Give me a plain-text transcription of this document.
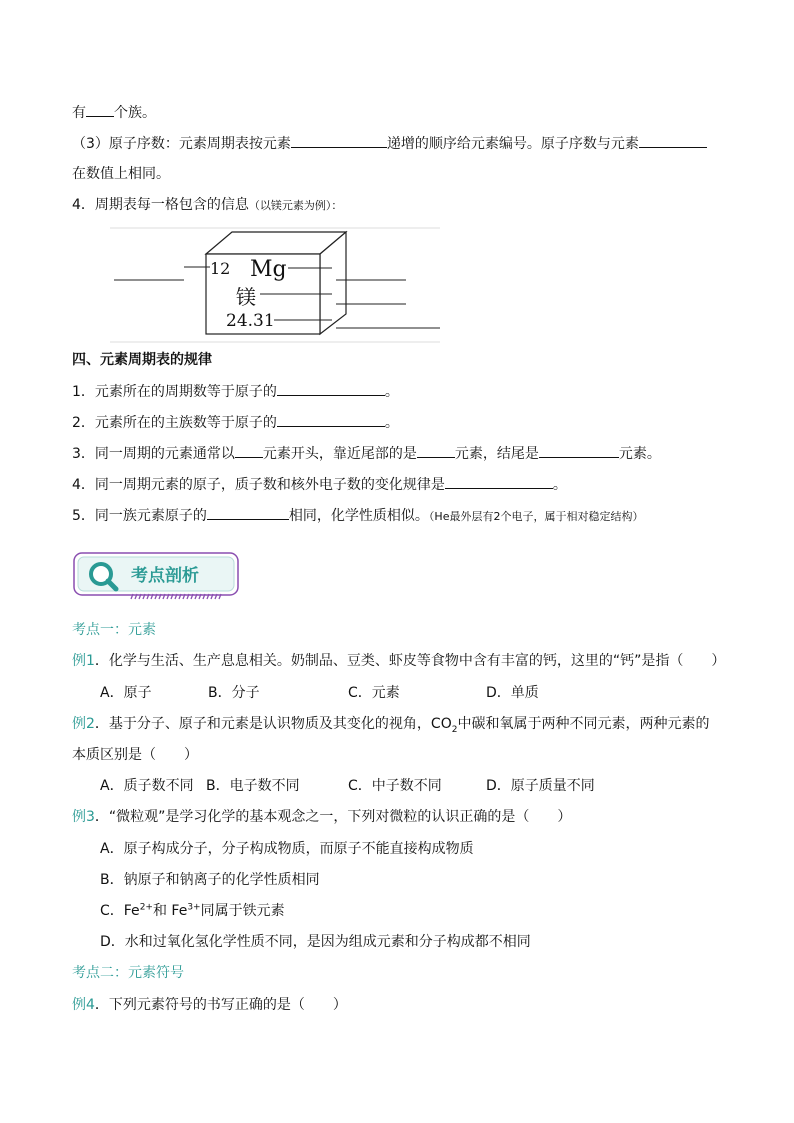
有 个族。
（3）原子序数：元素周期表按元素	递增的顺序给元素编号。原子序数与元素
在数值上相同。
4．周期表每一格包含的信息（以镁元素为例）：
12 Mg
镁
24.31
四、元素周期表的规律
1．元素所在的周期数等于原子的	。
2．元素所在的主族数等于原子的	。
3．同一周期的元素通常以 元素开头，靠近尾部的是	元素，结尾是	元素。
4．同一周期元素的原子，质子数和核外电子数的变化规律是	。
5．同一族元素原子的	相同，化学性质相似。（He最外层有2个电子，属于相对稳定结构）
考点剖析
考点一：元素
例1．化学与生活、生产息息相关。奶制品、豆类、虾皮等食物中含有丰富的钙，这里的“钙”是指（　　）
A．原子	B．分子	C．元素	D．单质
例2．基于分子、原子和元素是认识物质及其变化的视角，$CO_2$中碳和氧属于两种不同元素，两种元素的
本质区别是（　　）
A．质子数不同 B．电子数不同	C．中子数不同	D．原子质量不同
例3．“微粒观”是学习化学的基本观念之一，下列对微粒的认识正确的是（　　）
A．原子构成分子，分子构成物质，而原子不能直接构成物质
B．钠原子和钠离子的化学性质相同
C．$Fe^{2+}$和 $Fe^{3+}$同属于铁元素
D．水和过氧化氢化学性质不同，是因为组成元素和分子构成都不相同
考点二：元素符号
例4．下列元素符号的书写正确的是（　　）
